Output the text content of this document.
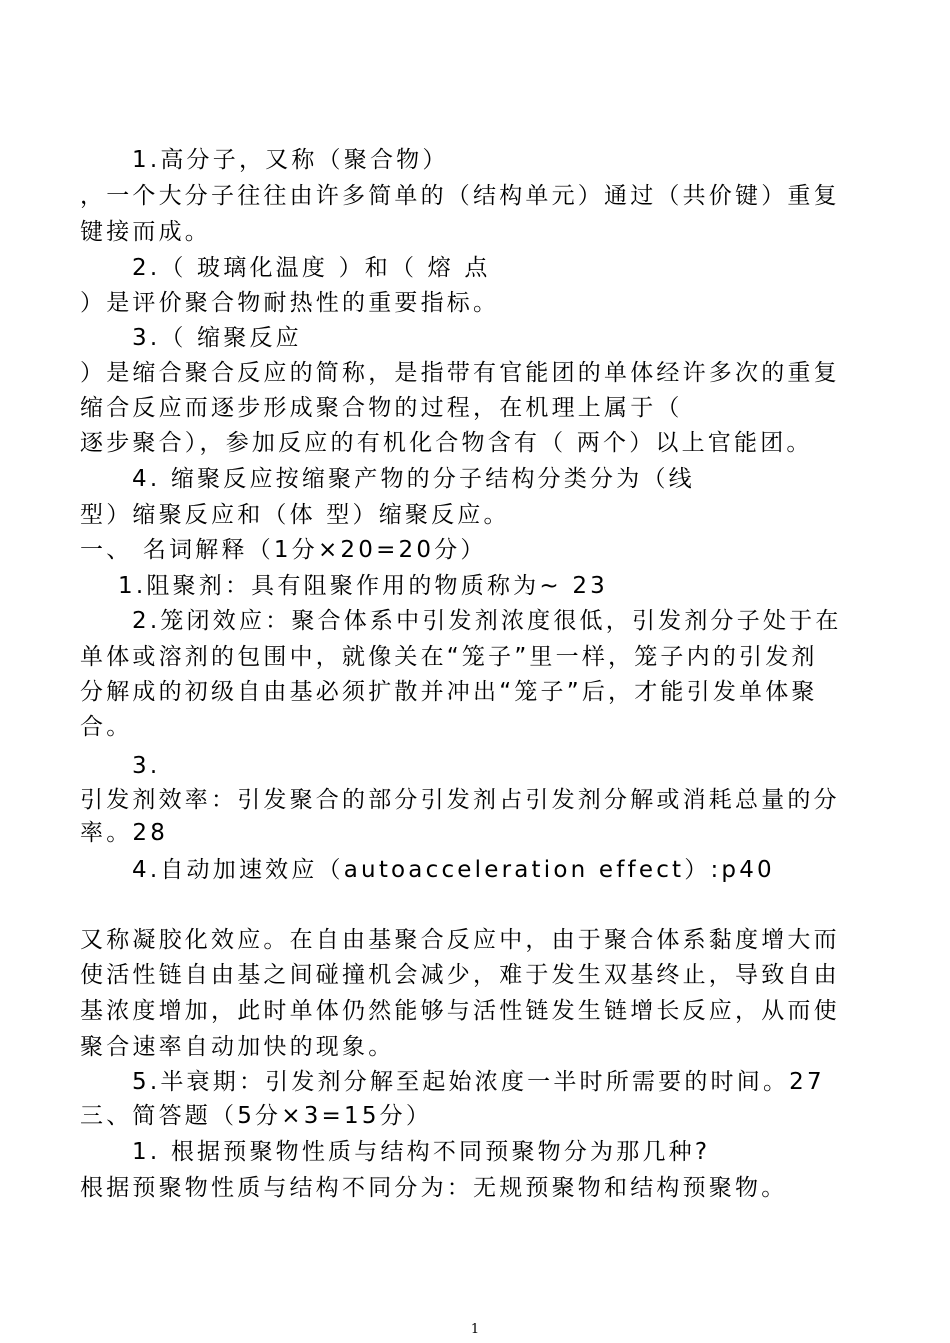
1.高分子，又称（聚合物）
，一个大分子往往由许多简单的（结构单元）通过（共价键）重复
键接而成。
2.（ 玻璃化温度 ）和（ 熔 点
）是评价聚合物耐热性的重要指标。
3.（ 缩聚反应
）是缩合聚合反应的简称，是指带有官能团的单体经许多次的重复
缩合反应而逐步形成聚合物的过程，在机理上属于（
逐步聚合），参加反应的有机化合物含有（ 两个）以上官能团。
4. 缩聚反应按缩聚产物的分子结构分类分为（线
型）缩聚反应和（体 型）缩聚反应。
一、 名词解释（1分×20=20分）
1.阻聚剂：具有阻聚作用的物质称为~ 23
2.笼闭效应：聚合体系中引发剂浓度很低，引发剂分子处于在
单体或溶剂的包围中，就像关在“笼子”里一样，笼子内的引发剂
分解成的初级自由基必须扩散并冲出“笼子”后，才能引发单体聚
合。
3.
引发剂效率：引发聚合的部分引发剂占引发剂分解或消耗总量的分
率。28
4.自动加速效应（autoacceleration effect）:p40
又称凝胶化效应。在自由基聚合反应中，由于聚合体系黏度增大而
使活性链自由基之间碰撞机会减少，难于发生双基终止，导致自由
基浓度增加，此时单体仍然能够与活性链发生链增长反应，从而使
聚合速率自动加快的现象。
5.半衰期：引发剂分解至起始浓度一半时所需要的时间。27
三、简答题（5分×3=15分）
1. 根据预聚物性质与结构不同预聚物分为那几种?
根据预聚物性质与结构不同分为：无规预聚物和结构预聚物。
1
